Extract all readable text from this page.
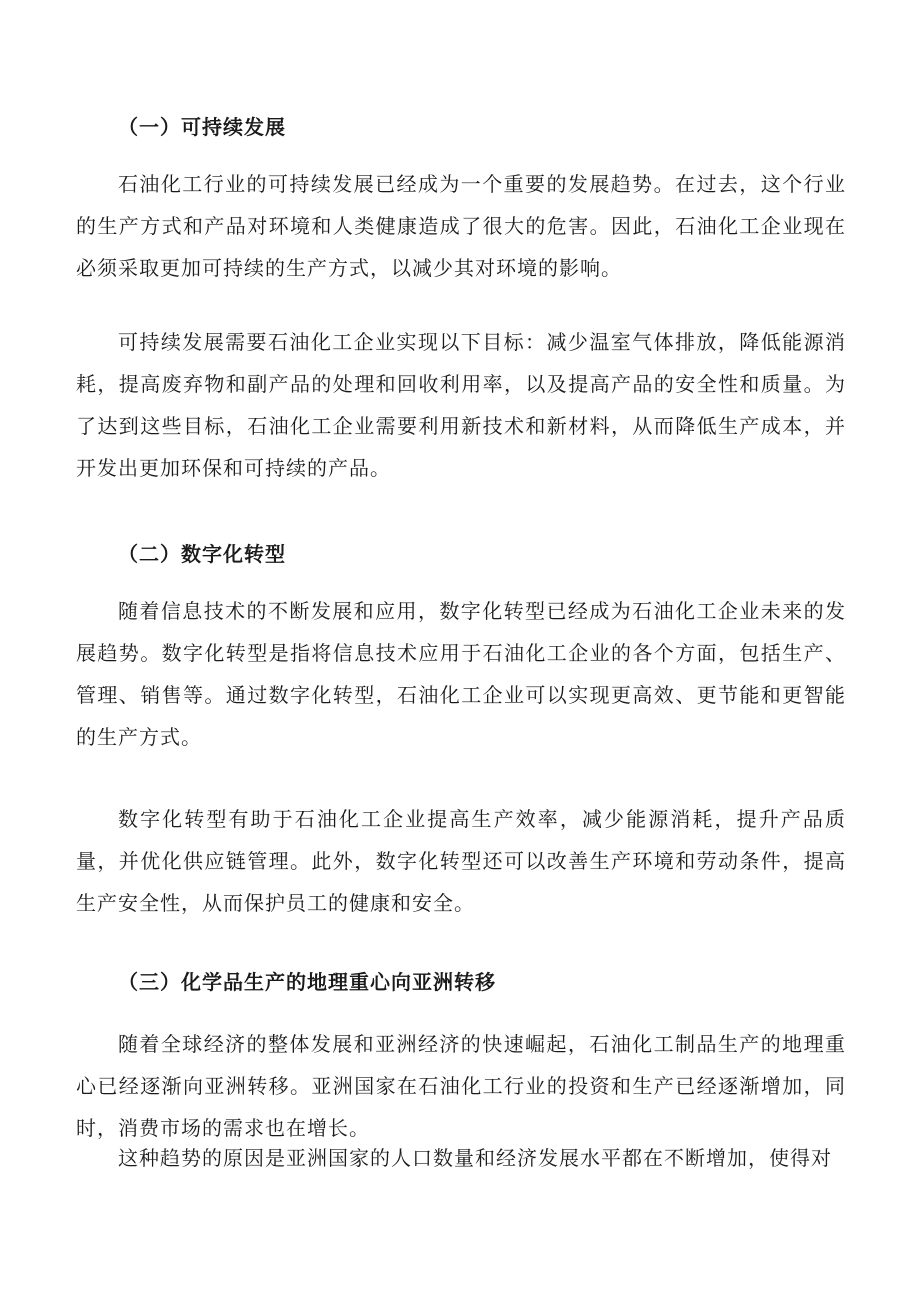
（一）可持续发展

石油化工行业的可持续发展已经成为一个重要的发展趋势。在过去，这个行业的生产方式和产品对环境和人类健康造成了很大的危害。因此，石油化工企业现在必须采取更加可持续的生产方式，以减少其对环境的影响。

可持续发展需要石油化工企业实现以下目标：减少温室气体排放，降低能源消耗，提高废弃物和副产品的处理和回收利用率，以及提高产品的安全性和质量。为了达到这些目标，石油化工企业需要利用新技术和新材料，从而降低生产成本，并开发出更加环保和可持续的产品。

（二）数字化转型

随着信息技术的不断发展和应用，数字化转型已经成为石油化工企业未来的发展趋势。数字化转型是指将信息技术应用于石油化工企业的各个方面，包括生产、管理、销售等。通过数字化转型，石油化工企业可以实现更高效、更节能和更智能的生产方式。

数字化转型有助于石油化工企业提高生产效率，减少能源消耗，提升产品质量，并优化供应链管理。此外，数字化转型还可以改善生产环境和劳动条件，提高生产安全性，从而保护员工的健康和安全。

（三）化学品生产的地理重心向亚洲转移

随着全球经济的整体发展和亚洲经济的快速崛起，石油化工制品生产的地理重心已经逐渐向亚洲转移。亚洲国家在石油化工行业的投资和生产已经逐渐增加，同时，消费市场的需求也在增长。

这种趋势的原因是亚洲国家的人口数量和经济发展水平都在不断增加，使得对
